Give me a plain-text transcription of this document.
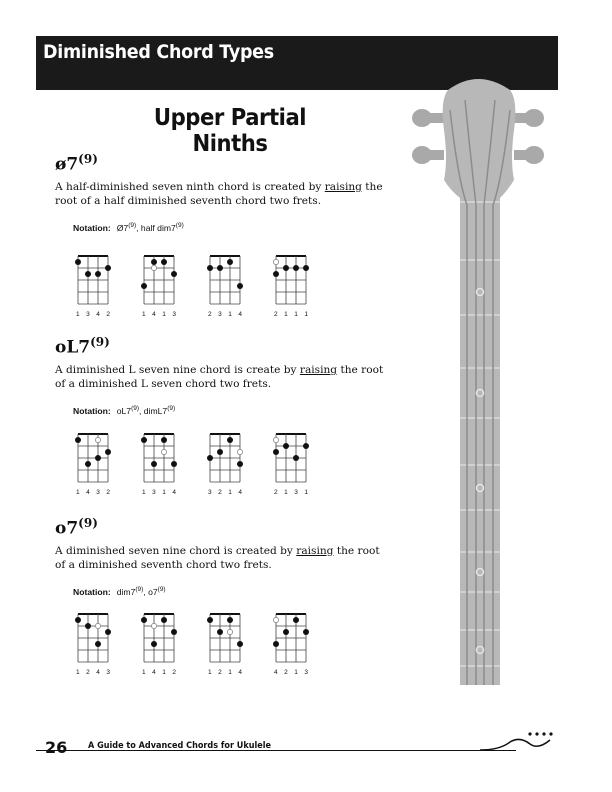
Diminished Chord Types
Upper Partial Ninths
ø7$^{(9)}$
A half-diminished seven ninth chord is created by raising the root of a half diminished seventh chord two frets.
Notation: Ø7$^{(9)}$, half dim7$^{(9)}$
1 3 4 2	1 4 1 3	2 3 1 4	2 1 1 1
oL7$^{(9)}$
A diminished L seven nine chord is create by raising the root of a diminished L seven chord two frets.
Notation: oL7$^{(9)}$, dimL7$^{(9)}$
1 4 3 2	1 3 1 4	3 2 1 4	2 1 3 1
o7$^{(9)}$
A diminished seven nine chord is created by raising the root of a diminished seventh chord two frets.
Notation: dim7$^{(9)}$, o7$^{(9)}$
1 2 4 3	1 4 1 2	1 2 1 4	4 2 1 3
26 A Guide to Advanced Chords for Ukulele
